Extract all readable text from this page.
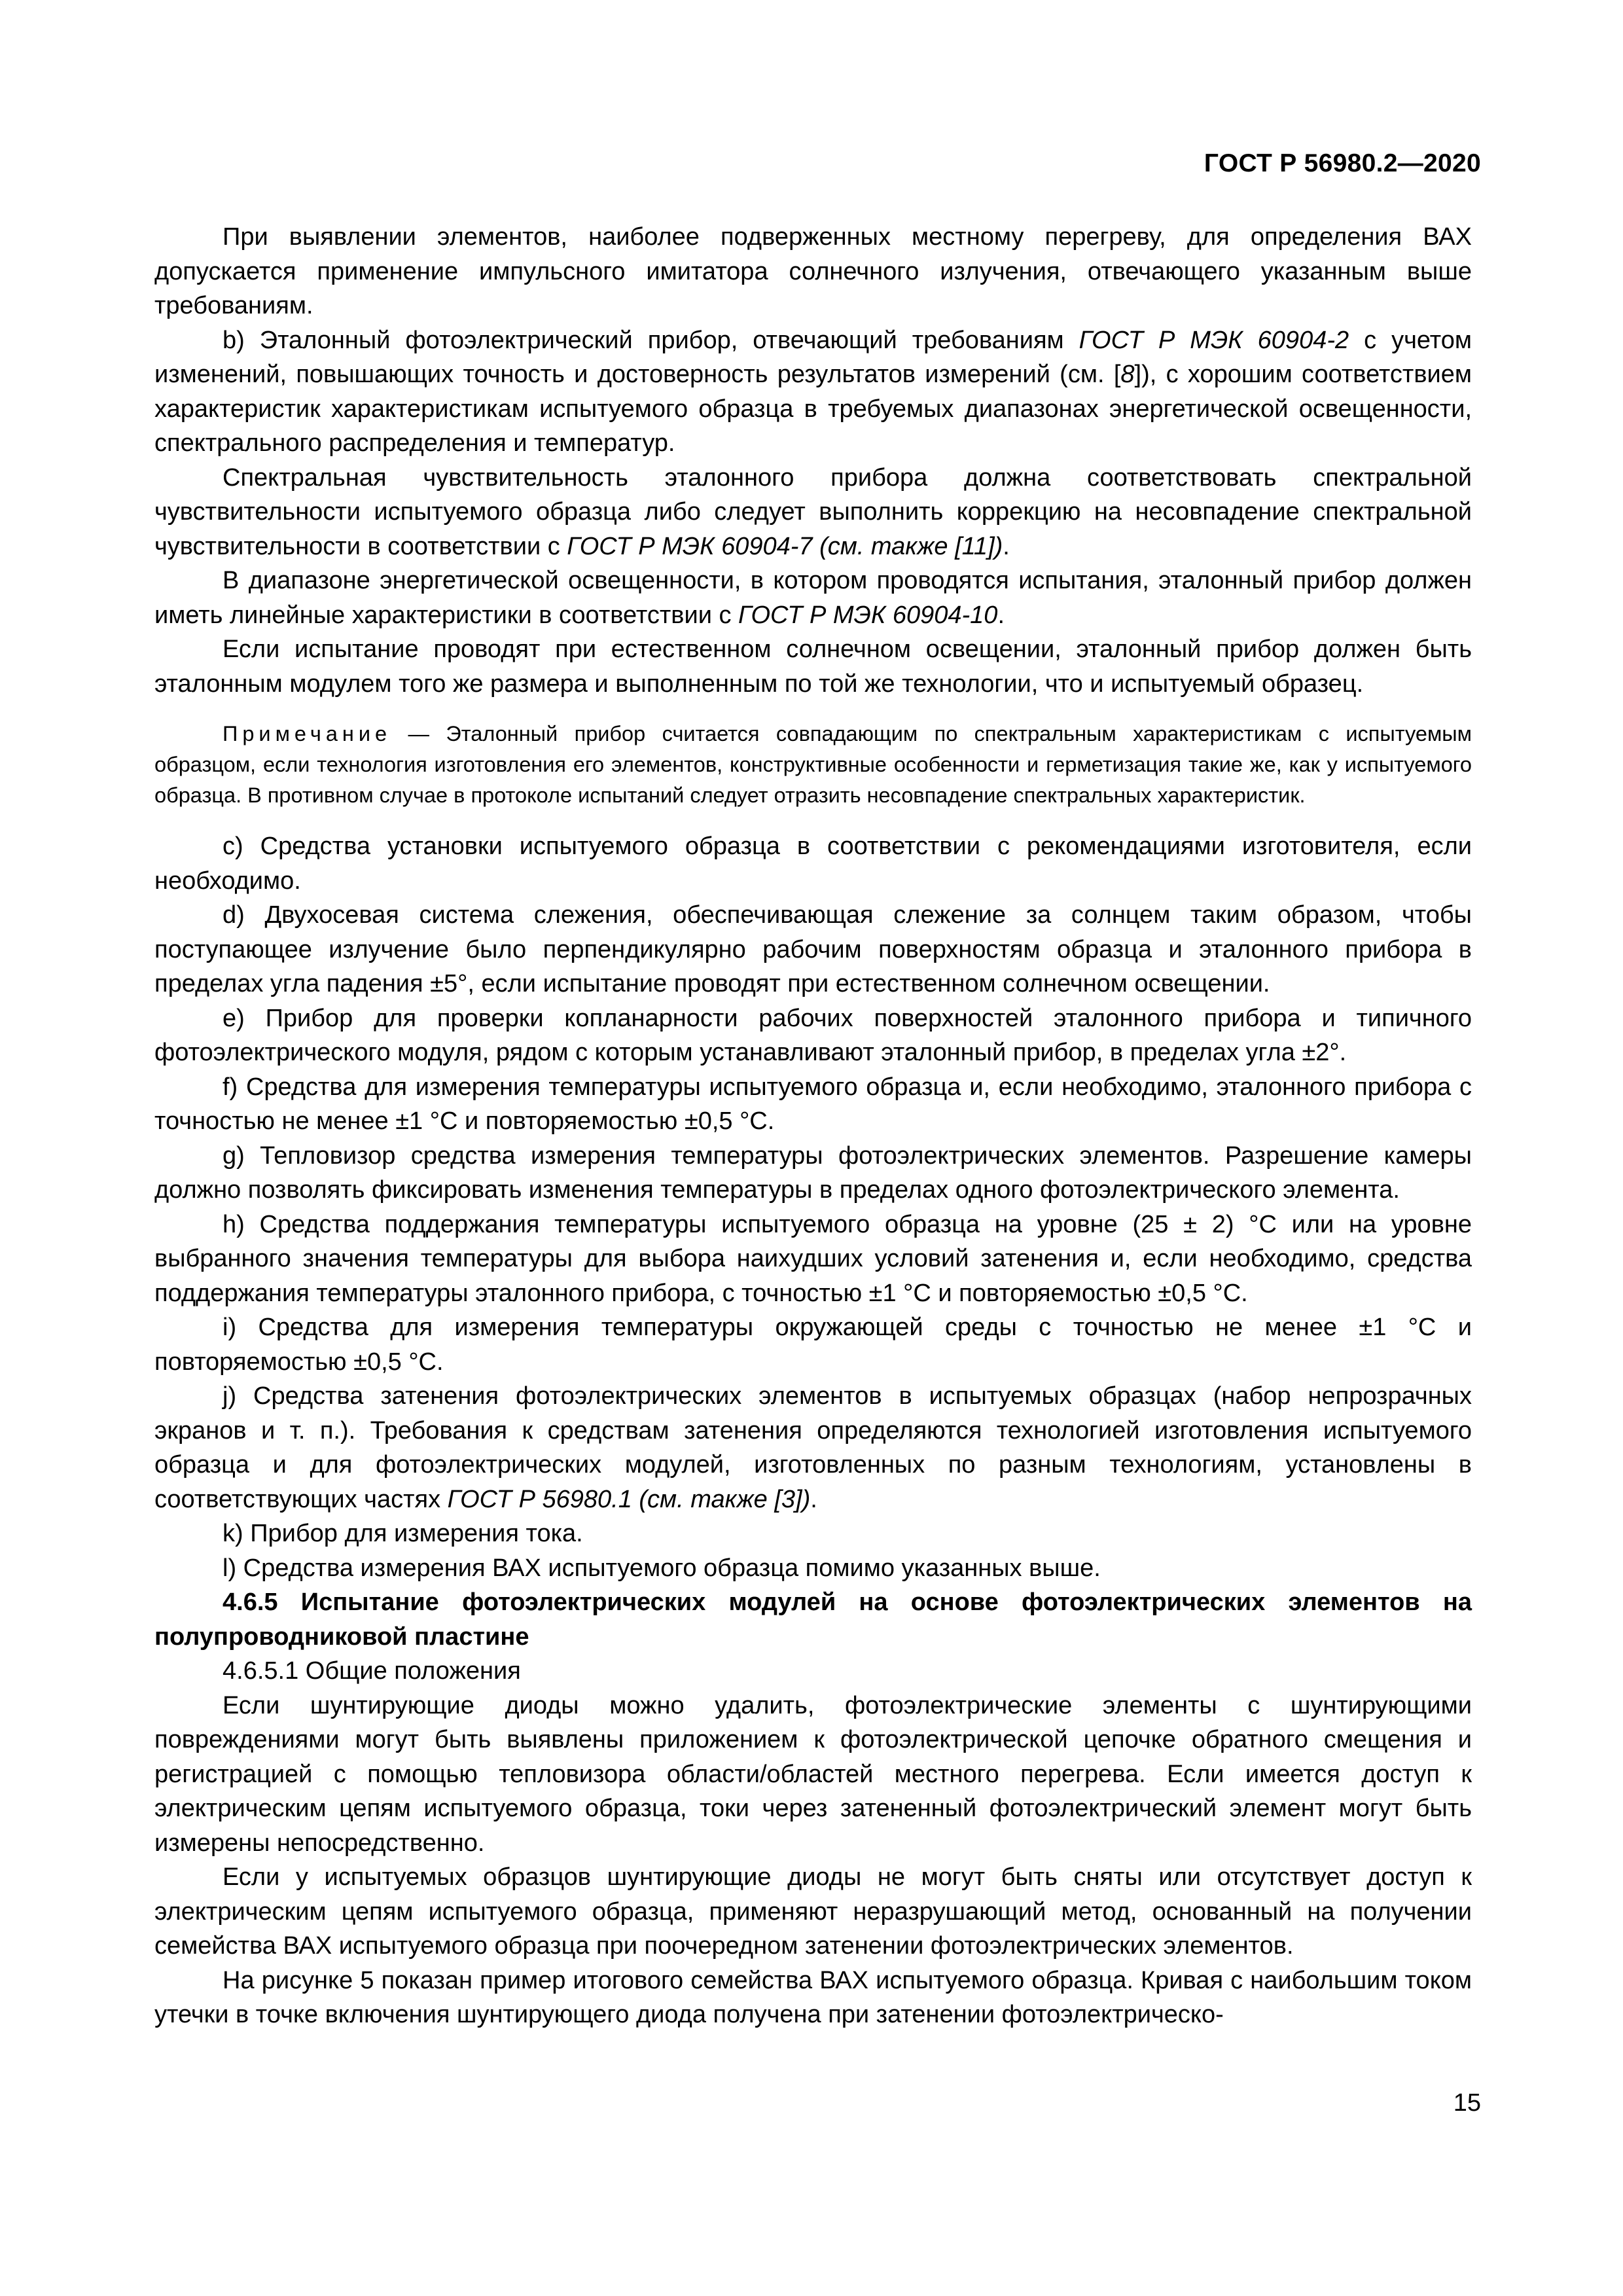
ГОСТ Р 56980.2—2020

При выявлении элементов, наиболее подверженных местному перегреву, для определения ВАХ допускается применение импульсного имитатора солнечного излучения, отвечающего указанным выше требованиям.

b) Эталонный фотоэлектрический прибор, отвечающий требованиям ГОСТ Р МЭК 60904-2 с учетом изменений, повышающих точность и достоверность результатов измерений (см. [8]), с хорошим соответствием характеристик характеристикам испытуемого образца в требуемых диапазонах энергетической освещенности, спектрального распределения и температур.

Спектральная чувствительность эталонного прибора должна соответствовать спектральной чувствительности испытуемого образца либо следует выполнить коррекцию на несовпадение спектральной чувствительности в соответствии с ГОСТ Р МЭК 60904-7 (см. также [11]).

В диапазоне энергетической освещенности, в котором проводятся испытания, эталонный прибор должен иметь линейные характеристики в соответствии с ГОСТ Р МЭК 60904-10.

Если испытание проводят при естественном солнечном освещении, эталонный прибор должен быть эталонным модулем того же размера и выполненным по той же технологии, что и испытуемый образец.

Примечание — Эталонный прибор считается совпадающим по спектральным характеристикам с испытуемым образцом, если технология изготовления его элементов, конструктивные особенности и герметизация такие же, как у испытуемого образца. В противном случае в протоколе испытаний следует отразить несовпадение спектральных характеристик.

c) Средства установки испытуемого образца в соответствии с рекомендациями изготовителя, если необходимо.

d) Двухосевая система слежения, обеспечивающая слежение за солнцем таким образом, чтобы поступающее излучение было перпендикулярно рабочим поверхностям образца и эталонного прибора в пределах угла падения ±5°, если испытание проводят при естественном солнечном освещении.

e) Прибор для проверки копланарности рабочих поверхностей эталонного прибора и типичного фотоэлектрического модуля, рядом с которым устанавливают эталонный прибор, в пределах угла ±2°.

f) Средства для измерения температуры испытуемого образца и, если необходимо, эталонного прибора с точностью не менее ±1 °С и повторяемостью ±0,5 °С.

g) Тепловизор средства измерения температуры фотоэлектрических элементов. Разрешение камеры должно позволять фиксировать изменения температуры в пределах одного фотоэлектрического элемента.

h) Средства поддержания температуры испытуемого образца на уровне (25 ± 2) °С или на уровне выбранного значения температуры для выбора наихудших условий затенения и, если необходимо, средства поддержания температуры эталонного прибора, с точностью ±1 °С и повторяемостью ±0,5 °С.

i) Средства для измерения температуры окружающей среды с точностью не менее ±1 °С и повторяемостью ±0,5 °С.

j) Средства затенения фотоэлектрических элементов в испытуемых образцах (набор непрозрачных экранов и т. п.). Требования к средствам затенения определяются технологией изготовления испытуемого образца и для фотоэлектрических модулей, изготовленных по разным технологиям, установлены в соответствующих частях ГОСТ Р 56980.1 (см. также [3]).

k) Прибор для измерения тока.

l) Средства измерения ВАХ испытуемого образца помимо указанных выше.

4.6.5 Испытание фотоэлектрических модулей на основе фотоэлектрических элементов на полупроводниковой пластине

4.6.5.1 Общие положения

Если шунтирующие диоды можно удалить, фотоэлектрические элементы с шунтирующими повреждениями могут быть выявлены приложением к фотоэлектрической цепочке обратного смещения и регистрацией с помощью тепловизора области/областей местного перегрева. Если имеется доступ к электрическим цепям испытуемого образца, токи через затененный фотоэлектрический элемент могут быть измерены непосредственно.

Если у испытуемых образцов шунтирующие диоды не могут быть сняты или отсутствует доступ к электрическим цепям испытуемого образца, применяют неразрушающий метод, основанный на получении семейства ВАХ испытуемого образца при поочередном затенении фотоэлектрических элементов.

На рисунке 5 показан пример итогового семейства ВАХ испытуемого образца. Кривая с наибольшим током утечки в точке включения шунтирующего диода получена при затенении фотоэлектрическо-

15
